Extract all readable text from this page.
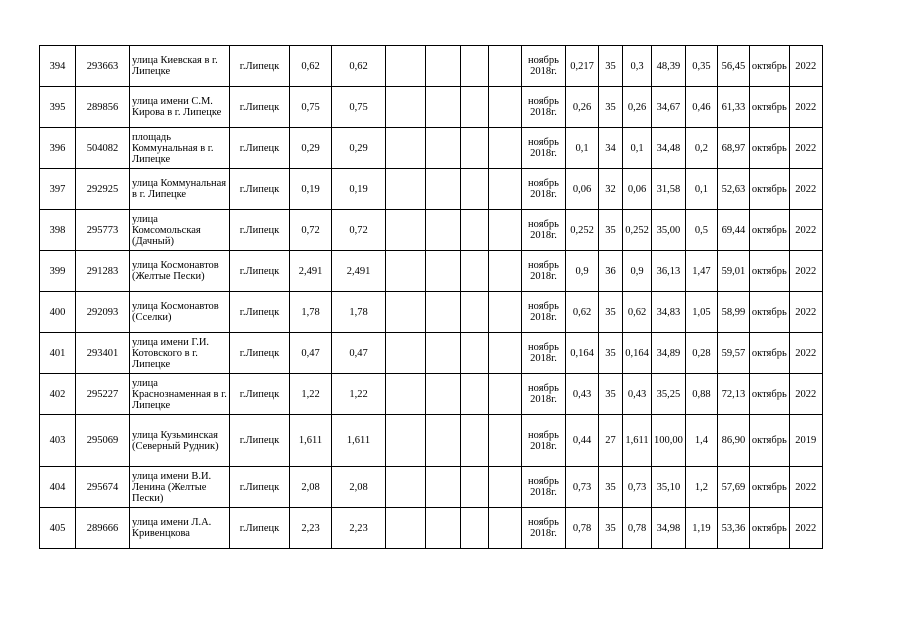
394	293663	улица Киевская в г. Липецке	г.Липецк	0,62	0,62					ноябрь 2018г.	0,217	35	0,3	48,39	0,35	56,45	октябрь	2022
395	289856	улица имени С.М. Кирова в г. Липецке	г.Липецк	0,75	0,75					ноябрь 2018г.	0,26	35	0,26	34,67	0,46	61,33	октябрь	2022
396	504082	площадь Коммунальная в г. Липецке	г.Липецк	0,29	0,29					ноябрь 2018г.	0,1	34	0,1	34,48	0,2	68,97	октябрь	2022
397	292925	улица Коммунальная в г. Липецке	г.Липецк	0,19	0,19					ноябрь 2018г.	0,06	32	0,06	31,58	0,1	52,63	октябрь	2022
398	295773	улица Комсомольская (Дачный)	г.Липецк	0,72	0,72					ноябрь 2018г.	0,252	35	0,252	35,00	0,5	69,44	октябрь	2022
399	291283	улица Космонавтов (Желтые Пески)	г.Липецк	2,491	2,491					ноябрь 2018г.	0,9	36	0,9	36,13	1,47	59,01	октябрь	2022
400	292093	улица Космонавтов (Сселки)	г.Липецк	1,78	1,78					ноябрь 2018г.	0,62	35	0,62	34,83	1,05	58,99	октябрь	2022
401	293401	улица имени Г.И. Котовского в г. Липецке	г.Липецк	0,47	0,47					ноябрь 2018г.	0,164	35	0,164	34,89	0,28	59,57	октябрь	2022
402	295227	улица Краснознаменная в г. Липецке	г.Липецк	1,22	1,22					ноябрь 2018г.	0,43	35	0,43	35,25	0,88	72,13	октябрь	2022
403	295069	улица Кузьминская (Северный Рудник)	г.Липецк	1,611	1,611					ноябрь 2018г.	0,44	27	1,611	100,00	1,4	86,90	октябрь	2019
404	295674	улица имени В.И. Ленина (Желтые Пески)	г.Липецк	2,08	2,08					ноябрь 2018г.	0,73	35	0,73	35,10	1,2	57,69	октябрь	2022
405	289666	улица имени Л.А. Кривенцкова	г.Липецк	2,23	2,23					ноябрь 2018г.	0,78	35	0,78	34,98	1,19	53,36	октябрь	2022
